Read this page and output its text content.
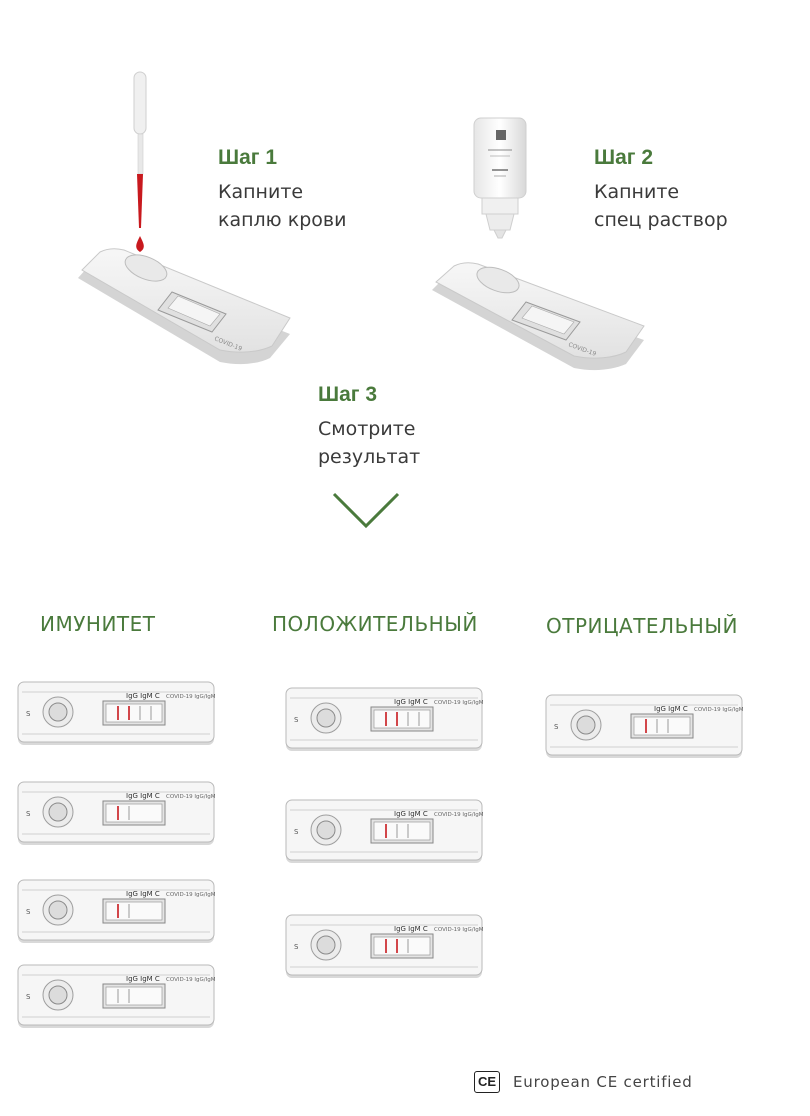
COVID-19	COVID-19
Шаг 1
Капните
каплю крови
Шаг 2
Капните
спец раствор
Шаг 3
Смотрите
результат
ИМУНИТЕТ	ПОЛОЖИТЕЛЬНЫЙ	ОТРИЦАТЕЛЬНЫЙ
S
IgG IgM C COVID-19 IgG/IgM
S
IgG IgM C COVID-19 IgG/IgM
S
IgG IgM C COVID-19 IgG/IgM
S
IgG IgM C COVID-19 IgG/IgM
S
IgG IgM C COVID-19 IgG/IgM
S
IgG IgM C COVID-19 IgG/IgM
S
IgG IgM C COVID-19 IgG/IgM
S
IgG IgM C COVID-19 IgG/IgM
CE European CE certified
